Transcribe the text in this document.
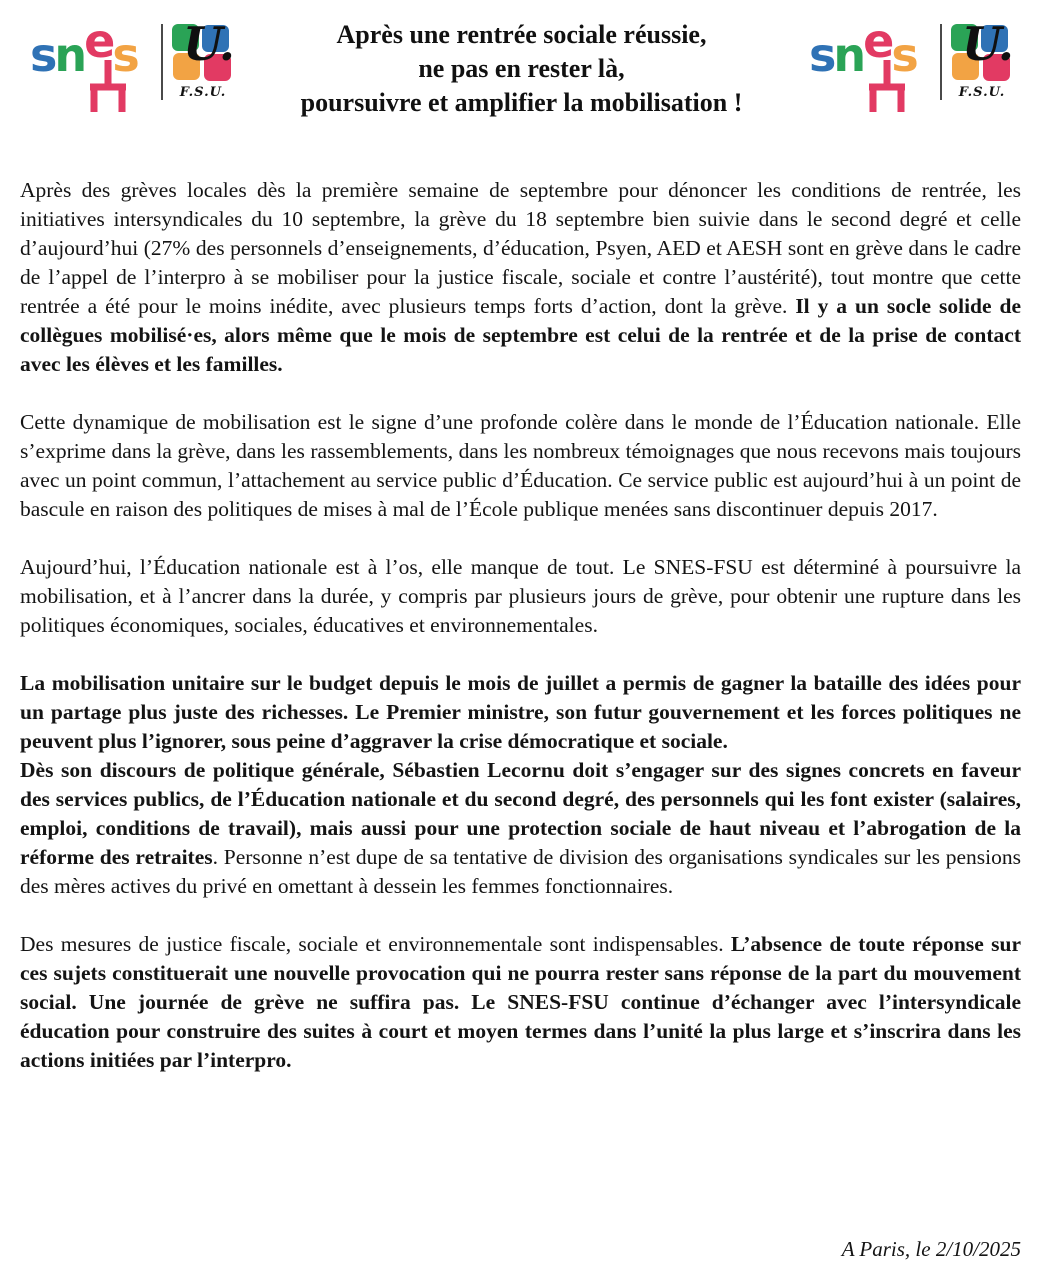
s n e s U.
F.S.U.
Après une rentrée sociale réussie,
ne pas en rester là,
poursuivre et amplifier la mobilisation !
s n e s U.
F.S.U.

Après des grèves locales dès la première semaine de septembre pour dénoncer les conditions de rentrée, les initiatives intersyndicales du 10 septembre, la grève du 18 septembre bien suivie dans le second degré et celle d’aujourd’hui (27% des personnels d’enseignements, d’éducation, Psyen, AED et AESH sont en grève dans le cadre de l’appel de l’interpro à se mobiliser pour la justice fiscale, sociale et contre l’austérité), tout montre que cette rentrée a été pour le moins inédite, avec plusieurs temps forts d’action, dont la grève. Il y a un socle solide de collègues mobilisé·es, alors même que le mois de septembre est celui de la rentrée et de la prise de contact avec les élèves et les familles.

Cette dynamique de mobilisation est le signe d’une profonde colère dans le monde de l’Éducation nationale. Elle s’exprime dans la grève, dans les rassemblements, dans les nombreux témoignages que nous recevons mais toujours avec un point commun, l’attachement au service public d’Éducation. Ce service public est aujourd’hui à un point de bascule en raison des politiques de mises à mal de l’École publique menées sans discontinuer depuis 2017.

Aujourd’hui, l’Éducation nationale est à l’os, elle manque de tout. Le SNES-FSU est déterminé à poursuivre la mobilisation, et à l’ancrer dans la durée, y compris par plusieurs jours de grève, pour obtenir une rupture dans les politiques économiques, sociales, éducatives et environnementales.

La mobilisation unitaire sur le budget depuis le mois de juillet a permis de gagner la bataille des idées pour un partage plus juste des richesses. Le Premier ministre, son futur gouvernement et les forces politiques ne peuvent plus l’ignorer, sous peine d’aggraver la crise démocratique et sociale.

Dès son discours de politique générale, Sébastien Lecornu doit s’engager sur des signes concrets en faveur des services publics, de l’Éducation nationale et du second degré, des personnels qui les font exister (salaires, emploi, conditions de travail), mais aussi pour une protection sociale de haut niveau et l’abrogation de la réforme des retraites. Personne n’est dupe de sa tentative de division des organisations syndicales sur les pensions des mères actives du privé en omettant à dessein les femmes fonctionnaires.

Des mesures de justice fiscale, sociale et environnementale sont indispensables. L’absence de toute réponse sur ces sujets constituerait une nouvelle provocation qui ne pourra rester sans réponse de la part du mouvement social. Une journée de grève ne suffira pas. Le SNES-FSU continue d’échanger avec l’intersyndicale éducation pour construire des suites à court et moyen termes dans l’unité la plus large et s’inscrira dans les actions initiées par l’interpro.

A Paris, le 2/10/2025
